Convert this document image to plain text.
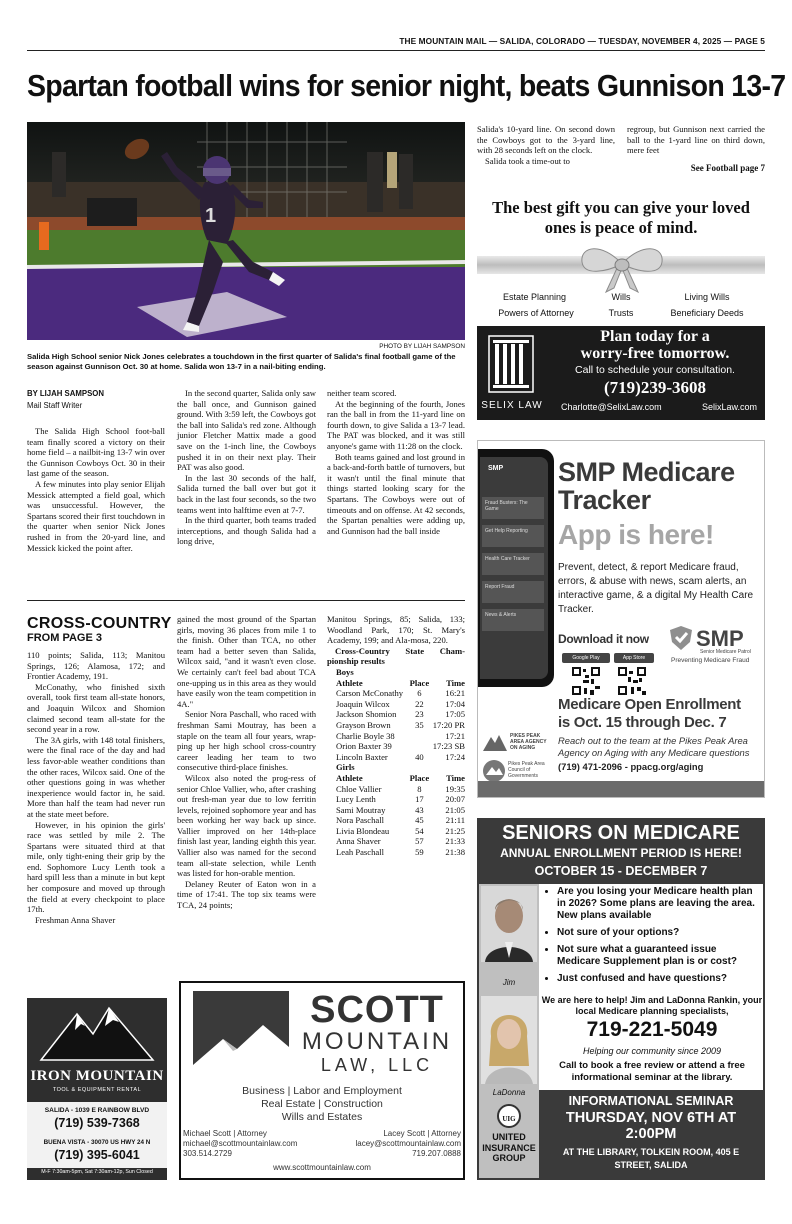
THE MOUNTAIN MAIL — SALIDA, COLORADO — TUESDAY, NOVEMBER 4, 2025 — PAGE 5
Spartan football wins for senior night, beats Gunnison 13-7
1
PHOTO BY LIJAH SAMPSON
Salida High School senior Nick Jones celebrates a touchdown in the first quarter of Salida's final football game of the season against Gunnison Oct. 30 at home. Salida won 13-7 in a nail-biting ending.
BY LIJAH SAMPSON
Mail Staff Writer

The Salida High School foot-ball team finally scored a victory on their home field – a nailbit-ing 13-7 win over the Gunnison Cowboys Oct. 30 in their last game of the season.

A few minutes into play senior Elijah Messick attempted a field goal, which was unsuccessful. However, the Spartans scored their first touchdown in the quarter when senior Nick Jones rushed in from the 20-yard line, and Messick kicked the point after.

In the second quarter, Salida only saw the ball once, and Gunnison gained ground. With 3:59 left, the Cowboys got the ball into Salida's red zone. Although junior Fletcher Mattix made a good save on the 1-inch line, the Cowboys pushed it in on their next play. Their PAT was also good.

In the last 30 seconds of the half, Salida turned the ball over but got it back in the last four seconds, so the two teams went into halftime even at 7-7.

In the third quarter, both teams traded interceptions, and though Salida had a long drive,

neither team scored.

At the beginning of the fourth, Jones ran the ball in from the 11-yard line on fourth down, to give Salida a 13-7 lead. The PAT was blocked, and it was still anyone's game with 11:28 on the clock.

Both teams gained and lost ground in a back-and-forth battle of turnovers, but it wasn't until the final minute that things started looking scary for the Spartans. The Cowboys were out of timeouts and on offense. At 42 seconds, the Spartan penalties were adding up, and Gunnison had the ball inside

Salida's 10-yard line. On second down the Cowboys got to the 3-yard line, with 28 seconds left on the clock.

Salida took a time-out to

regroup, but Gunnison next carried the ball to the 1-yard line on third down, mere feet

See Football page 7
The best gift you can give your loved ones is peace of mind.
Estate Planning	Wills	Living Wills
Powers of Attorney	Trusts	Beneficiary Deeds
SELIX LAW
Plan today for a
worry-free tomorrow.
Call to schedule your consultation.
(719)239-3608
Charlotte@SelixLaw.com	SelixLaw.com
SMP
Fraud Busters: The Game
Get Help Reporting
Health Care Tracker
Report Fraud
News & Alerts
SMP Medicare
Tracker
App is here!
Prevent, detect, & report Medicare fraud, errors, & abuse with news, scam alerts, an interactive game, & a digital My Health Care Tracker.
Download it now
Google Play	App Store
SMP
Senior Medicare Patrol
Preventing Medicare Fraud
Medicare Open Enrollment
is Oct. 15 through Dec. 7
PIKES PEAK AREA AGENCY ON AGING
Pikes Peak Area Council of Governments
Reach out to the team at the Pikes Peak Area Agency on Aging with any Medicare questions
(719) 471-2096 - ppacg.org/aging
CROSS-COUNTRY
FROM PAGE 3

110 points; Salida, 113; Manitou Springs, 126; Alamosa, 172; and Frontier Academy, 191.

McConathy, who finished sixth overall, took first team all-state honors, and Joaquin Wilcox and Shomion claimed second team all-state for the second year in a row.

The 3A girls, with 148 total finishers, were the final race of the day and had less favor-able weather conditions than the other races, Wilcox said. One of the other questions going in was whether inexperience would factor in, he said. More than half the team had never run at the state meet before.

However, in his opinion the girls' race was settled by mile 2. The Spartans were situated third at that mile, only tight-ening their grip by the end. Sophomore Lucy Lenth took a hard spill less than a minute in but kept her composure and moved up through the field at every checkpoint to place 17th.

Freshman Anna Shaver

gained the most ground of the Spartan girls, moving 36 places from mile 1 to the finish. Other than TCA, no other team had a better seven than Salida, Wilcox said, "and it wasn't even close. We certainly can't feel bad about TCA one-upping us in this area as they would have easily won the team competition in 4A."

Senior Nora Paschall, who raced with freshman Sami Moutray, has been a staple on the team all four years, wrap-ping up her high school cross-country career leading her team to two consecutive third-place finishes.

Wilcox also noted the prog-ress of senior Chloe Vallier, who, after crashing out fresh-man year due to low ferritin levels, rejoined sophomore year and has been working her way back up since. Vallier improved on her 14th-place finish last year, landing eighth this year. Vallier also was named for the second team all-state selection, while Lenth was listed for hon-orable mention.

Delaney Reuter of Eaton won in a time of 17:41. The top six teams were TCA, 24 points;

Manitou Springs, 85; Salida, 133; Woodland Park, 170; St. Mary's Academy, 199; and Ala-mosa, 220.

Cross-Country State Cham-pionship results

Boys		
Athlete	Place	Time
Carson McConathy	6	16:21
Joaquin Wilcox	22	17:04
Jackson Shomion	23	17:05
Grayson Brown	35	17:20 PR
Charlie Boyle 38		17:21
Orion Baxter 39		17:23 SB
Lincoln Baxter	40	17:24
Girls		
Athlete	Place	Time
Chloe Vallier	8	19:35
Lucy Lenth	17	20:07
Sami Moutray	43	21:05
Nora Paschall	45	21:11
Livia Blondeau	54	21:25
Anna Shaver	57	21:33
Leah Paschall	59	21:38
IRON MOUNTAIN
TOOL & EQUIPMENT RENTAL
SALIDA - 1039 E RAINBOW BLVD
(719) 539-7368
BUENA VISTA - 30070 US HWY 24 N
(719) 395-6041
M-F 7:30am-5pm, Sat 7:30am-12p, Sun Closed
SCOTT
MOUNTAIN
LAW, LLC
Business | Labor and Employment
Real Estate | Construction
Wills and Estates
Michael Scott | Attorney
michael@scottmountainlaw.com
303.514.2729
Lacey Scott | Attorney
lacey@scottmountainlaw.com
719.207.0888
www.scottmountainlaw.com
SENIORS ON MEDICARE
ANNUAL ENROLLMENT PERIOD IS HERE!
OCTOBER 15 - DECEMBER 7
Jim
LaDonna
UIG
UNITED INSURANCE GROUP
• Are you losing your Medicare health plan in 2026? Some plans are leaving the area. New plans available
• Not sure of your options?
• Not sure what a guaranteed issue Medicare Supplement plan is or cost?
• Just confused and have questions?
We are here to help! Jim and LaDonna Rankin, your local Medicare planning specialists,
719-221-5049
Helping our community since 2009
Call to book a free review or attend a free informational seminar at the library.
INFORMATIONAL SEMINAR
THURSDAY, NOV 6TH AT 2:00PM
AT THE LIBRARY, TOLKEIN ROOM, 405 E STREET, SALIDA
